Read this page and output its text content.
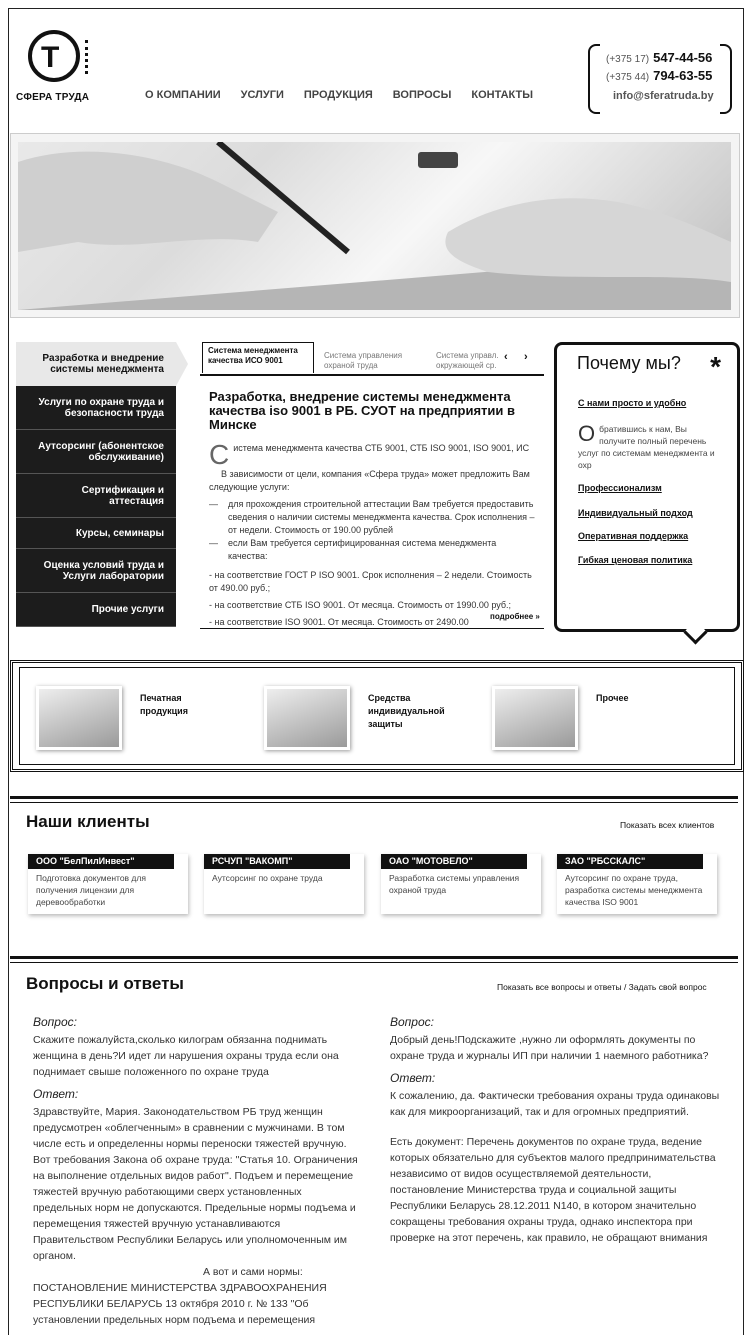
Т
СФЕРА ТРУДА	О КОМПАНИИ УСЛУГИ ПРОДУКЦИЯ ВОПРОСЫ КОНТАКТЫ
(+375 17) 547-44-56
(+375 44) 794-63-55
info@sferatruda.by
Разработка и внедрение системы менеджмента
Услуги по охране труда и безопасности труда
Аутсорсинг (абонентское обслуживание)
Сертификация и аттестация
Курсы, семинары
Оценка условий труда и Услуги лаборатории
Прочие услуги
Система менеджмента качества ИСО 9001
Система управления охраной труда
Система управл. окружающей ср.
‹ ›
Разработка, внедрение системы менеджмента качества iso 9001 в РБ. СУОТ на предприятии в Минске

Система менеджмента качества СТБ 9001, СТБ ISO 9001, ISO 9001, ИС

В зависимости от цели, компания «Сфера труда» может предложить Вам следующие услуги:

— для прохождения строительной аттестации Вам требуется предоставить сведения о наличии системы менеджмента качества. Срок исполнения – от недели. Стоимость от 190.00 рублей
— если Вам требуется сертифицированная система менеджмента качества:

- на соответствие ГОСТ Р ISO 9001. Срок исполнения – 2 недели. Стоимость от 490.00 руб.;

- на соответствие СТБ ISO 9001. От месяца. Стоимость от 1990.00 руб.;

- на соответствие ISO 9001. От месяца. Стоимость от 2490.00

подробнее »
Почему мы? *
С нами просто и удобно
Обратившись к нам, Вы получите полный перечень услуг по системам менеджмента и охр
Профессионализм
Индивидуальный подход
Оперативная поддержка
Гибкая ценовая политика
Печатная продукция
Средства индивидуальной защиты
Прочее
Наши клиенты	Показать всех клиентов
ООО "БелПилИнвест"
Подготовка документов для получения лицензии для деревообработки
РСЧУП "ВАКОМП"
Аутсорсинг по охране труда
ОАО "МОТОВЕЛО"
Разработка системы управления охраной труда
ЗАО "РБССКАЛС"
Аутсорсинг по охране труда, разработка системы менеджмента качества ISO 9001
Вопросы и ответы	Показать все вопросы и ответы / Задать свой вопрос
Вопрос:

Скажите пожалуйста,сколько килограм обязанна поднимать женщина в день?И идет ли нарушения охраны труда если она поднимает свыше положенного по охране труда

Ответ:

Здравствуйте, Мария. Законодательством РБ труд женщин предусмотрен «облегченным» в сравнении с мужчинами. В том числе есть и определенны нормы переноски тяжестей вручную. Вот требования Закона об охране труда: "Статья 10. Ограничения на выполнение отдельных видов работ". Подъем и перемещение тяжестей вручную работающими сверх установленных предельных норм не допускаются. Предельные нормы подъема и перемещения тяжестей вручную устанавливаются Правительством Республики Беларусь или уполномоченным им органом.

А вот и сами нормы:

ПОСТАНОВЛЕНИЕ МИНИСТЕРСТВА ЗДРАВООХРАНЕНИЯ РЕСПУБЛИКИ БЕЛАРУСЬ 13 октября 2010 г. № 133 "Об установлении предельных норм подъема и перемещения

Вопрос:

Добрый день!Подскажите ,нужно ли оформлять документы по охране труда и журналы ИП при наличии 1 наемного работника?

Ответ:

К сожалению, да. Фактически требования охраны труда одинаковы как для микроорганизаций, так и для огромных предприятий.

Есть документ: Перечень документов по охране труда, ведение которых обязательно для субъектов малого предпринимательства независимо от видов осуществляемой деятельности, постановление Министерства труда и социальной защиты Республики Беларусь 28.12.2011 N140, в котором значительно сокращены требования охраны труда, однако инспектора при проверке на этот перечень, как правило, не обращают внимания
